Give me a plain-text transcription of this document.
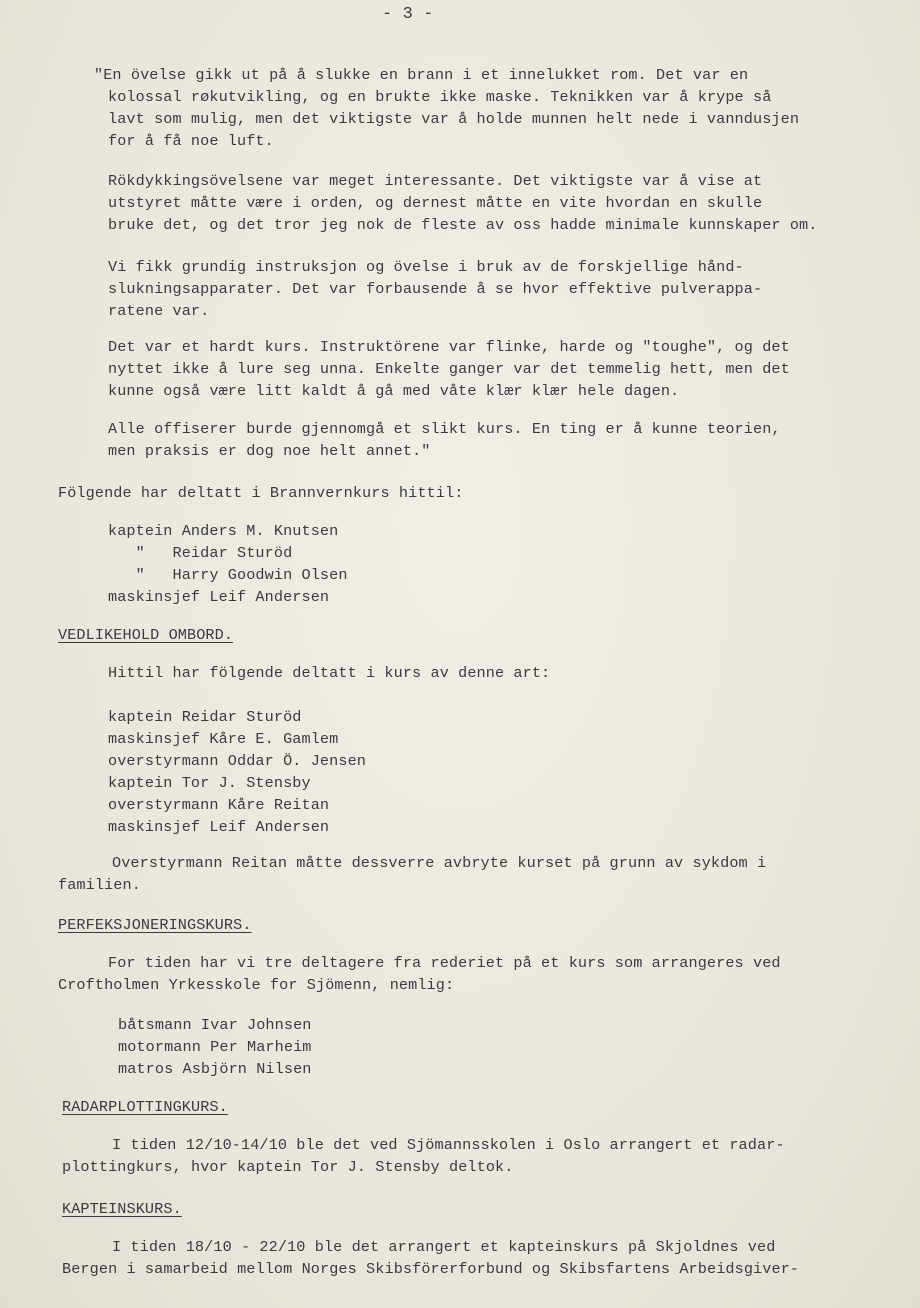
- 3 -
"En övelse gikk ut på å slukke en brann i et innelukket rom. Det var en
kolossal røkutvikling, og en brukte ikke maske. Teknikken var å krype så
lavt som mulig, men det viktigste var å holde munnen helt nede i vanndusjen
for å få noe luft.
Rökdykkingsövelsene var meget interessante. Det viktigste var å vise at
utstyret måtte være i orden, og dernest måtte en vite hvordan en skulle
bruke det, og det tror jeg nok de fleste av oss hadde minimale kunnskaper om.
Vi fikk grundig instruksjon og övelse i bruk av de forskjellige hånd-
slukningsapparater. Det var forbausende å se hvor effektive pulverappa-
ratene var.
Det var et hardt kurs. Instruktörene var flinke, harde og "toughe", og det
nyttet ikke å lure seg unna. Enkelte ganger var det temmelig hett, men det
kunne også være litt kaldt å gå med våte klær klær hele dagen.
Alle offiserer burde gjennomgå et slikt kurs. En ting er å kunne teorien,
men praksis er dog noe helt annet."
Fölgende har deltatt i Brannvernkurs hittil:
kaptein Anders M. Knutsen
"   Reidar Sturöd
"   Harry Goodwin Olsen
maskinsjef Leif Andersen
VEDLIKEHOLD OMBORD.
Hittil har fölgende deltatt i kurs av denne art:
kaptein Reidar Sturöd
maskinsjef Kåre E. Gamlem
overstyrmann Oddar Ö. Jensen
kaptein Tor J. Stensby
overstyrmann Kåre Reitan
maskinsjef Leif Andersen
Overstyrmann Reitan måtte dessverre avbryte kurset på grunn av sykdom i
familien.
PERFEKSJONERINGSKURS.
For tiden har vi tre deltagere fra rederiet på et kurs som arrangeres ved
Croftholmen Yrkesskole for Sjömenn, nemlig:
båtsmann Ivar Johnsen
motormann Per Marheim
matros Asbjörn Nilsen
RADARPLOTTINGKURS.
I tiden 12/10-14/10 ble det ved Sjömannsskolen i Oslo arrangert et radar-
plottingkurs, hvor kaptein Tor J. Stensby deltok.
KAPTEINSKURS.
I tiden 18/10 - 22/10 ble det arrangert et kapteinskurs på Skjoldnes ved
Bergen i samarbeid mellom Norges Skibsförerforbund og Skibsfartens Arbeidsgiver-
